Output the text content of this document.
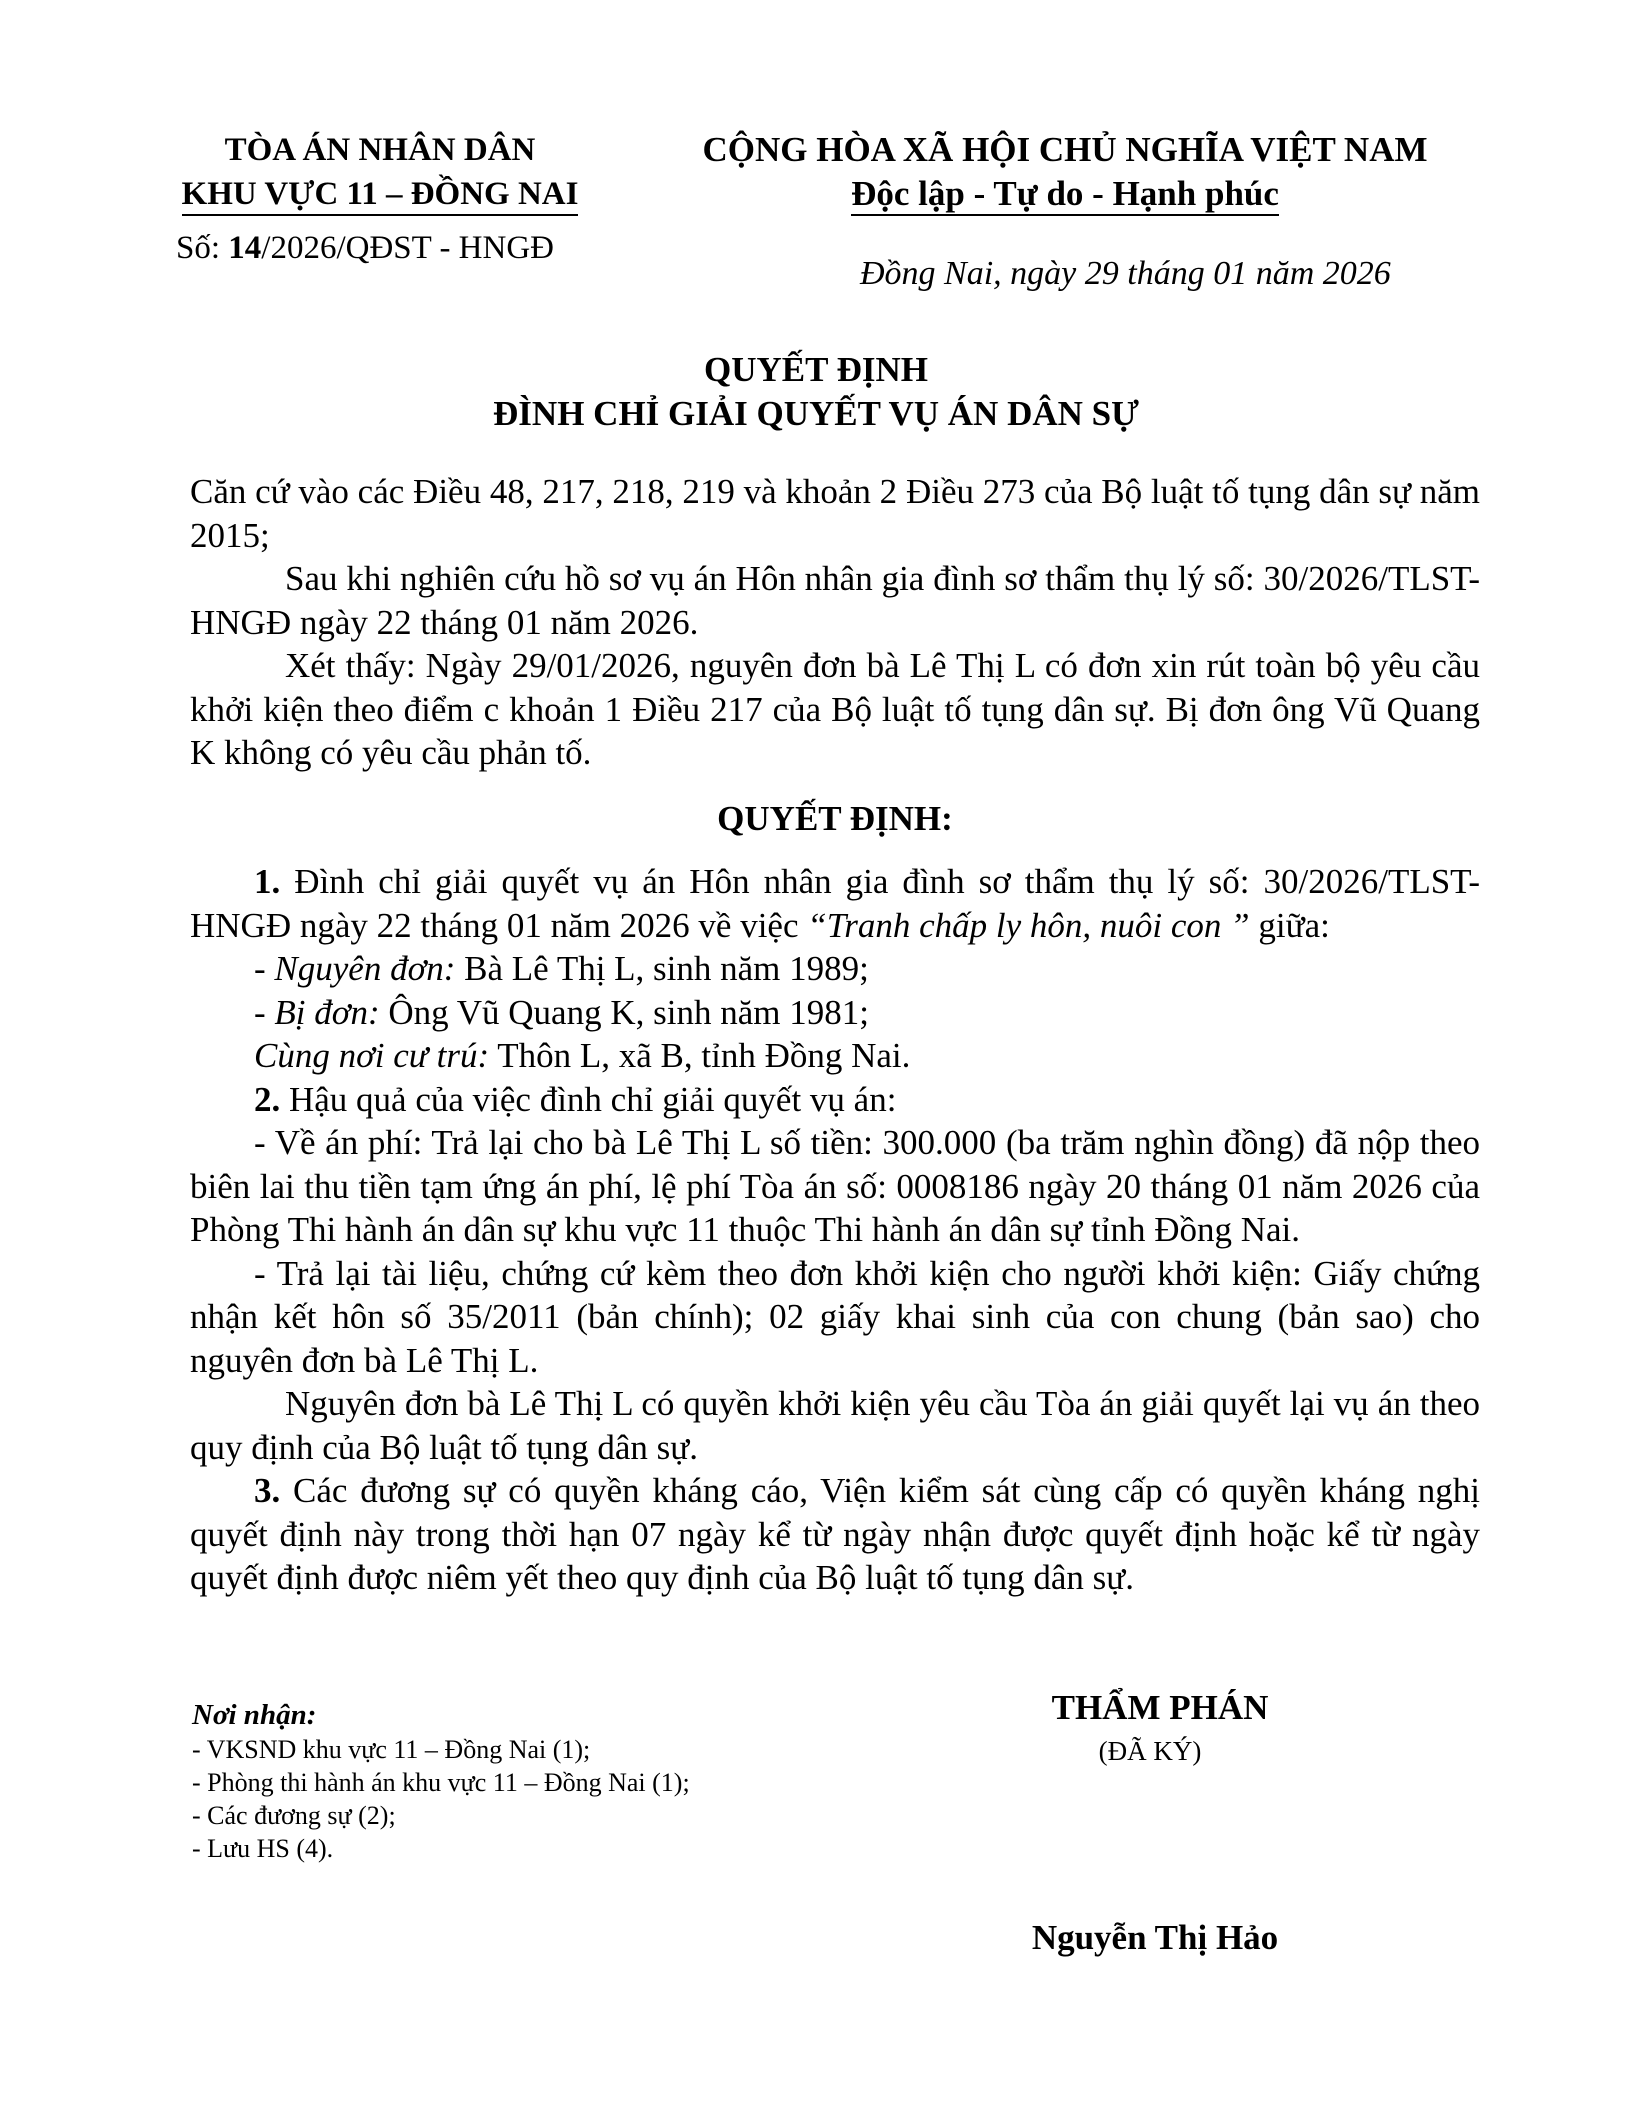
TÒA ÁN NHÂN DÂN
KHU VỰC 11 – ĐỒNG NAI
Số: 14/2026/QĐST - HNGĐ
CỘNG HÒA XÃ HỘI CHỦ NGHĨA VIỆT NAM
Độc lập - Tự do - Hạnh phúc
Đồng Nai, ngày 29 tháng 01 năm 2026
QUYẾT ĐỊNH
ĐÌNH CHỈ GIẢI QUYẾT VỤ ÁN DÂN SỰ

Căn cứ vào các Điều 48, 217, 218, 219 và khoản 2 Điều 273 của Bộ luật tố tụng dân sự năm 2015;

Sau khi nghiên cứu hồ sơ vụ án Hôn nhân gia đình sơ thẩm thụ lý số: 30/2026/TLST-HNGĐ ngày 22 tháng 01 năm 2026.

Xét thấy: Ngày 29/01/2026, nguyên đơn bà Lê Thị L có đơn xin rút toàn bộ yêu cầu khởi kiện theo điểm c khoản 1 Điều 217 của Bộ luật tố tụng dân sự. Bị đơn ông Vũ Quang K không có yêu cầu phản tố.

QUYẾT ĐỊNH:

1. Đình chỉ giải quyết vụ án Hôn nhân gia đình sơ thẩm thụ lý số: 30/2026/TLST-HNGĐ ngày 22 tháng 01 năm 2026 về việc “Tranh chấp ly hôn, nuôi con ” giữa:

- Nguyên đơn: Bà Lê Thị L, sinh năm 1989;

- Bị đơn: Ông Vũ Quang K, sinh năm 1981;

Cùng nơi cư trú: Thôn L, xã B, tỉnh Đồng Nai.

2. Hậu quả của việc đình chỉ giải quyết vụ án:

- Về án phí: Trả lại cho bà Lê Thị L số tiền: 300.000 (ba trăm nghìn đồng) đã nộp theo biên lai thu tiền tạm ứng án phí, lệ phí Tòa án số: 0008186 ngày 20 tháng 01 năm 2026 của Phòng Thi hành án dân sự khu vực 11 thuộc Thi hành án dân sự tỉnh Đồng Nai.

- Trả lại tài liệu, chứng cứ kèm theo đơn khởi kiện cho người khởi kiện: Giấy chứng nhận kết hôn số 35/2011 (bản chính); 02 giấy khai sinh của con chung (bản sao) cho nguyên đơn bà Lê Thị L.

Nguyên đơn bà Lê Thị L có quyền khởi kiện yêu cầu Tòa án giải quyết lại vụ án theo quy định của Bộ luật tố tụng dân sự.

3. Các đương sự có quyền kháng cáo, Viện kiểm sát cùng cấp có quyền kháng nghị quyết định này trong thời hạn 07 ngày kể từ ngày nhận được quyết định hoặc kể từ ngày quyết định được niêm yết theo quy định của Bộ luật tố tụng dân sự.

Nơi nhận:
- VKSND khu vực 11 – Đồng Nai (1);
- Phòng thi hành án khu vực 11 – Đồng Nai (1);
- Các đương sự (2);
- Lưu HS (4).
THẨM PHÁN
(ĐÃ KÝ)
Nguyễn Thị Hảo
